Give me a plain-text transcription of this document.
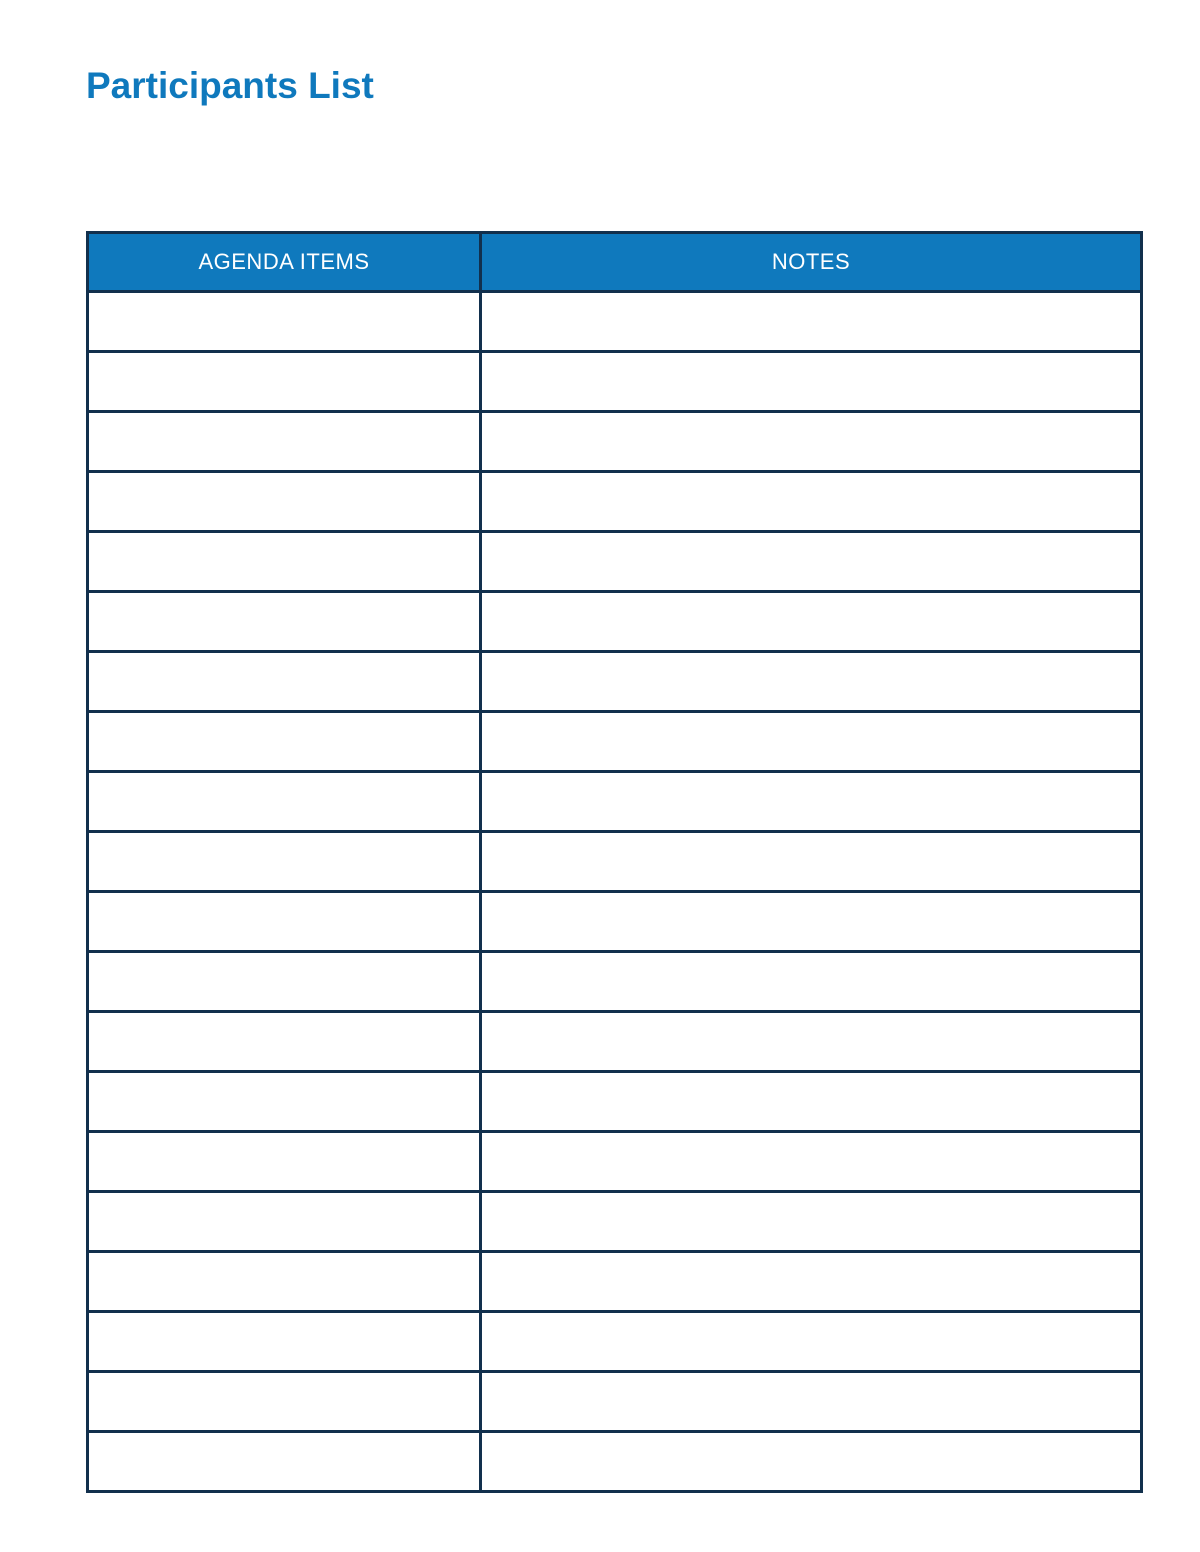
Participants List
AGENDA ITEMS	NOTES
